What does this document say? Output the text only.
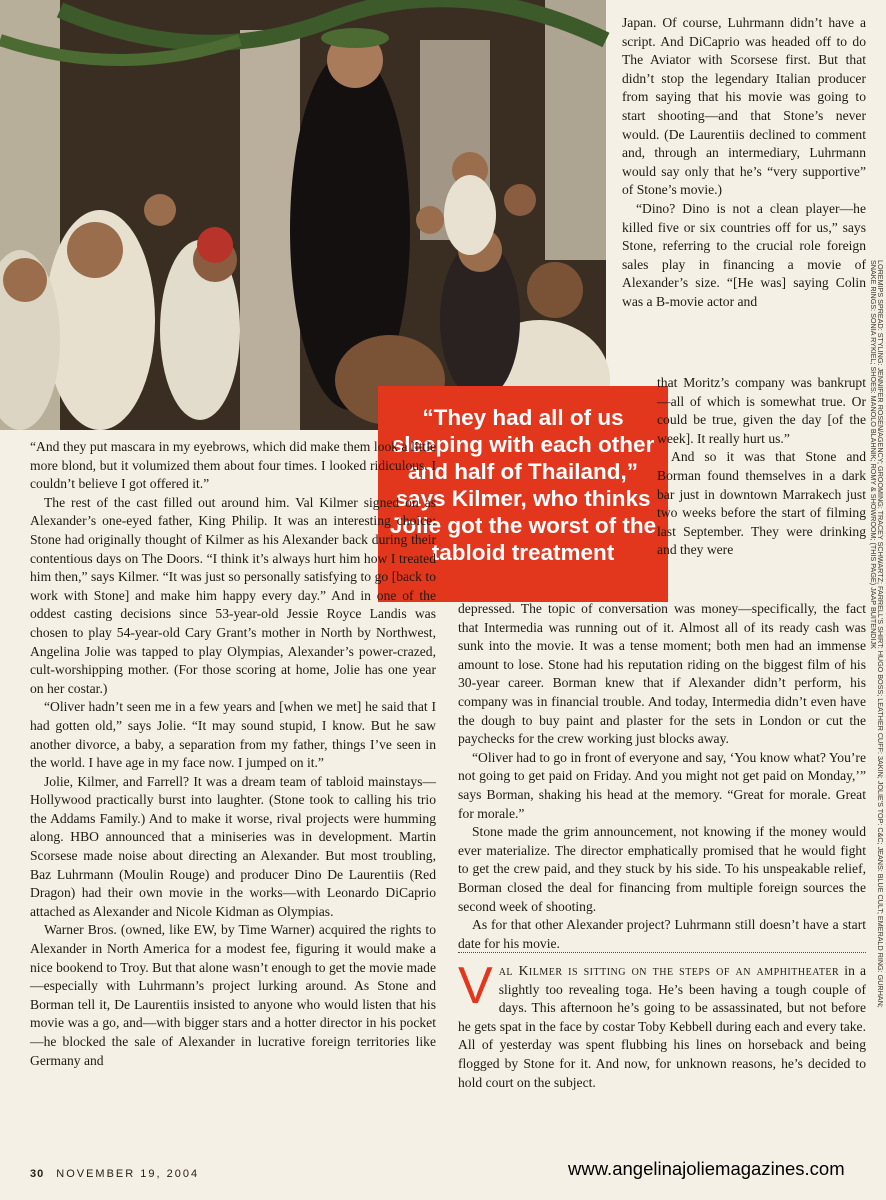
“They had all of us sleeping with each other and half of Thailand,” says Kilmer, who thinks Jolie got the worst of the tabloid treatment

Japan. Of course, Luhrmann didn’t have a script. And DiCaprio was headed off to do The Aviator with Scorsese first. But that didn’t stop the legendary Italian producer from saying that his movie was going to start shooting—and that Stone’s never would. (De Laurentiis declined to comment and, through an intermediary, Luhrmann would say only that he’s “very supportive” of Stone’s movie.)

“Dino? Dino is not a clean player—he killed five or six countries off for us,” says Stone, referring to the crucial role foreign sales play in financing a movie of Alexander’s size. “[He was] saying Colin was a B-movie actor and

that Moritz’s company was bankrupt—all of which is somewhat true. Or could be true, given the day [of the week]. It really hurt us.”

And so it was that Stone and Borman found themselves in a dark bar just in downtown Marrakech just two weeks before the start of filming last September. They were drinking and they were

“And they put mascara in my eyebrows, which did make them look a little more blond, but it volumized them about four times. I looked ridiculous. I couldn’t believe I got offered it.”

The rest of the cast filled out around him. Val Kilmer signed on as Alexander’s one-eyed father, King Philip. It was an interesting choice: Stone had originally thought of Kilmer as his Alexander back during their contentious days on The Doors. “I think it’s always hurt him how I treated him then,” says Kilmer. “It was just so personally satisfying to go [back to work with Stone] and make him happy every day.” And in one of the oddest casting decisions since 53-year-old Jessie Royce Landis was chosen to play 54-year-old Cary Grant’s mother in North by Northwest, Angelina Jolie was tapped to play Olympias, Alexander’s power-crazed, cult-worshipping mother. (For those scoring at home, Jolie has one year on her costar.)

“Oliver hadn’t seen me in a few years and [when we met] he said that I had gotten old,” says Jolie. “It may sound stupid, I know. But he saw another divorce, a baby, a separation from my father, things I’ve seen in the world. I have age in my face now. I jumped on it.”

Jolie, Kilmer, and Farrell? It was a dream team of tabloid mainstays—Hollywood practically burst into laughter. (Stone took to calling his trio the Addams Family.) And to make it worse, rival projects were humming along. HBO announced that a miniseries was in development. Martin Scorsese made noise about directing an Alexander. But most troubling, Baz Luhrmann (Moulin Rouge) and producer Dino De Laurentiis (Red Dragon) had their own movie in the works—with Leonardo DiCaprio attached as Alexander and Nicole Kidman as Olympias.

Warner Bros. (owned, like EW, by Time Warner) acquired the rights to Alexander in North America for a modest fee, figuring it would make a nice bookend to Troy. But that alone wasn’t enough to get the movie made—especially with Luhrmann’s project lurking around. As Stone and Borman tell it, De Laurentiis insisted to anyone who would listen that his movie was a go, and—with bigger stars and a hotter director in his pocket—he blocked the sale of Alexander in lucrative foreign territories like Germany and

depressed. The topic of conversation was money—specifically, the fact that Intermedia was running out of it. Almost all of its ready cash was sunk into the movie. It was a tense moment; both men had an immense amount to lose. Stone had his reputation riding on the biggest film of his 30-year career. Borman knew that if Alexander didn’t perform, his company was in financial trouble. And today, Intermedia didn’t even have the dough to buy paint and plaster for the sets in London or cut the paychecks for the crew working just blocks away.

“Oliver had to go in front of everyone and say, ‘You know what? You’re not going to get paid on Friday. And you might not get paid on Monday,’” says Borman, shaking his head at the memory. “Great for morale. Great for morale.”

Stone made the grim announcement, not knowing if the money would ever materialize. The director emphatically promised that he would fight to get the crew paid, and they stuck by his side. To his unspeakable relief, Borman closed the deal for financing from multiple foreign sources the second week of shooting.

As for that other Alexander project? Luhrmann still doesn’t have a start date for his movie.

Val Kilmer is sitting on the steps of an amphitheater in a slightly too revealing toga. He’s been having a tough couple of days. This afternoon he’s going to be assassinated, but not before he gets spat in the face by costar Toby Kebbell during each and every take. All of yesterday was spent flubbing his lines on horseback and being flogged by Stone for it. And now, for unknown reasons, he’s decided to hold court on the subject.
LOREMIPS SPREAD: STYLING: JENNIFER ROSEN/AGENCY; GROOMING: TRACEY SCHWARTZ; FARRELL'S SHIRT: HUGO BOSS; LEATHER CUFF: 3AKIN; JOLIE'S TOP: C&C; JEANS: BLUE CULT; EMERALD RING: GURHAN; SNAKE RINGS: SONIA RYKIEL; SHOES: MANOLO BLAHNIK; ROMY & SHOWROOM; (THIS PAGE) JAAP BUITENDIJK
30 NOVEMBER 19, 2004	www.angelinajoliemagazines.com
